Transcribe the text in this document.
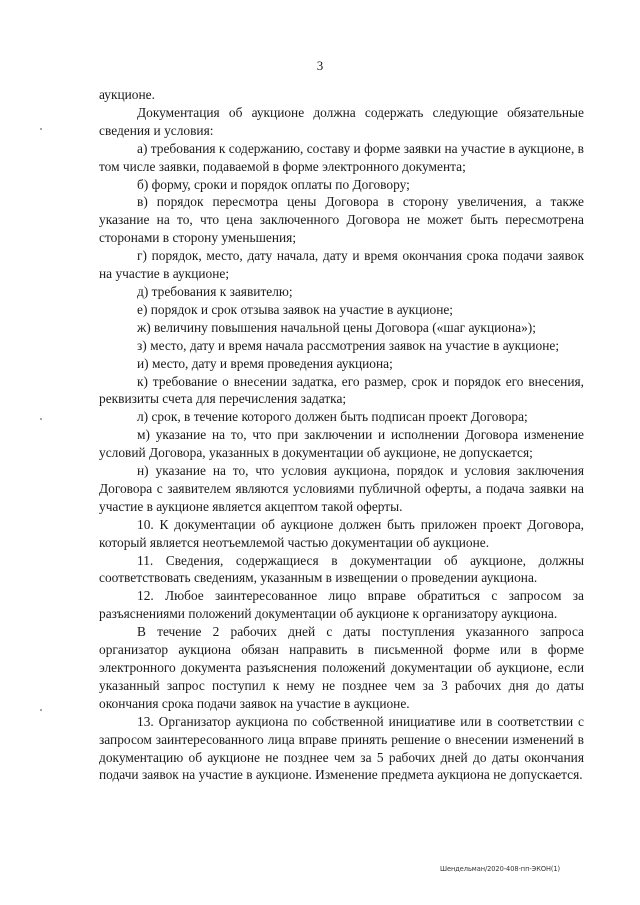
3

аукционе.

Документация об аукционе должна содержать следующие обязательные сведения и условия:

а) требования к содержанию, составу и форме заявки на участие в аукционе, в том числе заявки, подаваемой в форме электронного документа;

б) форму, сроки и порядок оплаты по Договору;

в) порядок пересмотра цены Договора в сторону увеличения, а также указание на то, что цена заключенного Договора не может быть пересмотрена сторонами в сторону уменьшения;

г) порядок, место, дату начала, дату и время окончания срока подачи заявок на участие в аукционе;

д) требования к заявителю;

е) порядок и срок отзыва заявок на участие в аукционе;

ж) величину повышения начальной цены Договора («шаг аукциона»);

з) место, дату и время начала рассмотрения заявок на участие в аукционе;

и) место, дату и время проведения аукциона;

к) требование о внесении задатка, его размер, срок и порядок его внесения, реквизиты счета для перечисления задатка;

л) срок, в течение которого должен быть подписан проект Договора;

м) указание на то, что при заключении и исполнении Договора изменение условий Договора, указанных в документации об аукционе, не допускается;

н) указание на то, что условия аукциона, порядок и условия заключения Договора с заявителем являются условиями публичной оферты, а подача заявки на участие в аукционе является акцептом такой оферты.

10. К документации об аукционе должен быть приложен проект Договора, который является неотъемлемой частью документации об аукционе.

11. Сведения, содержащиеся в документации об аукционе, должны соответствовать сведениям, указанным в извещении о проведении аукциона.

12. Любое заинтересованное лицо вправе обратиться с запросом за разъяснениями положений документации об аукционе к организатору аукциона.

В течение 2 рабочих дней с даты поступления указанного запроса организатор аукциона обязан направить в письменной форме или в форме электронного документа разъяснения положений документации об аукционе, если указанный запрос поступил к нему не позднее чем за 3 рабочих дня до даты окончания срока подачи заявок на участие в аукционе.

13. Организатор аукциона по собственной инициативе или в соответствии с запросом заинтересованного лица вправе принять решение о внесении изменений в документацию об аукционе не позднее чем за 5 рабочих дней до даты окончания подачи заявок на участие в аукционе. Изменение предмета аукциона не допускается.

Шендельман/2020-408-пп-ЭКОН(1)
